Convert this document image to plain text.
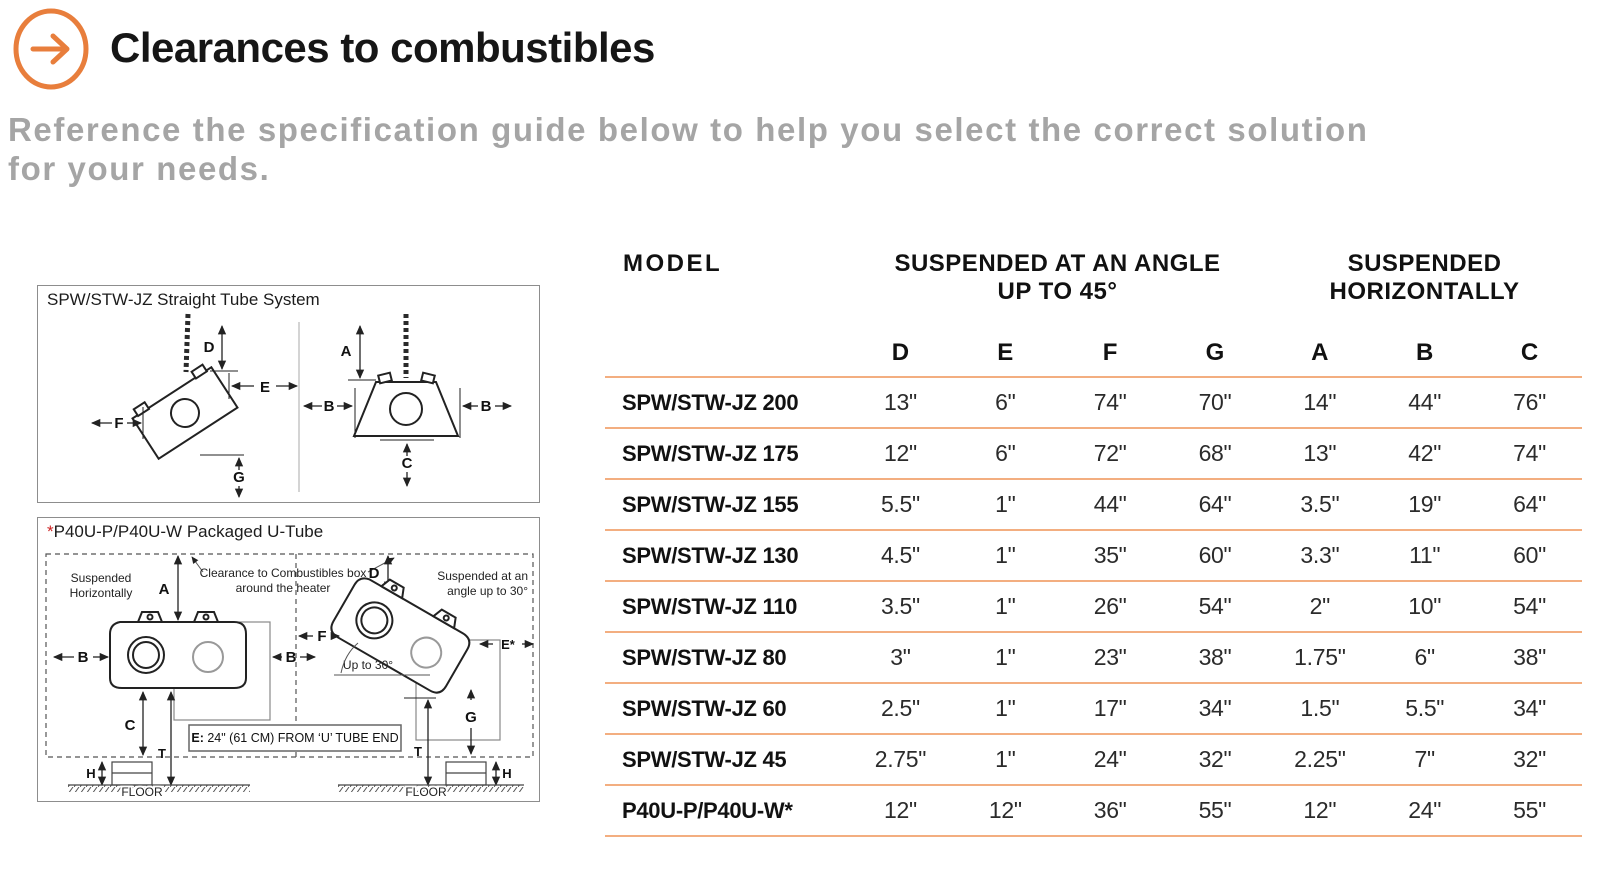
Clearances to combustibles
Reference the specification guide below to help you select the correct solution
for your needs.
SPW/STW-JZ Straight Tube System
D
E
F
G
A
B	B
C
*P40U-P/P40U-W Packaged U-Tube
Clearance to Combustibles box
around the heater
Suspended
Horizontally A
B	B
C
T
H
FLOOR
Suspended at an
angle up to 30°
D
F
Up to 30°
E*
G
T
H
FLOOR
E: 24" (61 CM) FROM ‘U’ TUBE END
MODEL	SUSPENDED AT AN ANGLE
UP TO 45°
SUSPENDED
HORIZONTALLY
D	E	F	G	A	B	C
SPW/STW-JZ 200	13"	6"	74"	70"	14"	44"	76"
SPW/STW-JZ 175	12"	6"	72"	68"	13"	42"	74"
SPW/STW-JZ 155	5.5"	1"	44"	64"	3.5"	19"	64"
SPW/STW-JZ 130	4.5"	1"	35"	60"	3.3"	11"	60"
SPW/STW-JZ 110	3.5"	1"	26"	54"	2"	10"	54"
SPW/STW-JZ 80	3"	1"	23"	38"	1.75"	6"	38"
SPW/STW-JZ 60	2.5"	1"	17"	34"	1.5"	5.5"	34"
SPW/STW-JZ 45	2.75"	1"	24"	32"	2.25"	7"	32"
P40U-P/P40U-W*	12"	12"	36"	55"	12"	24"	55"
